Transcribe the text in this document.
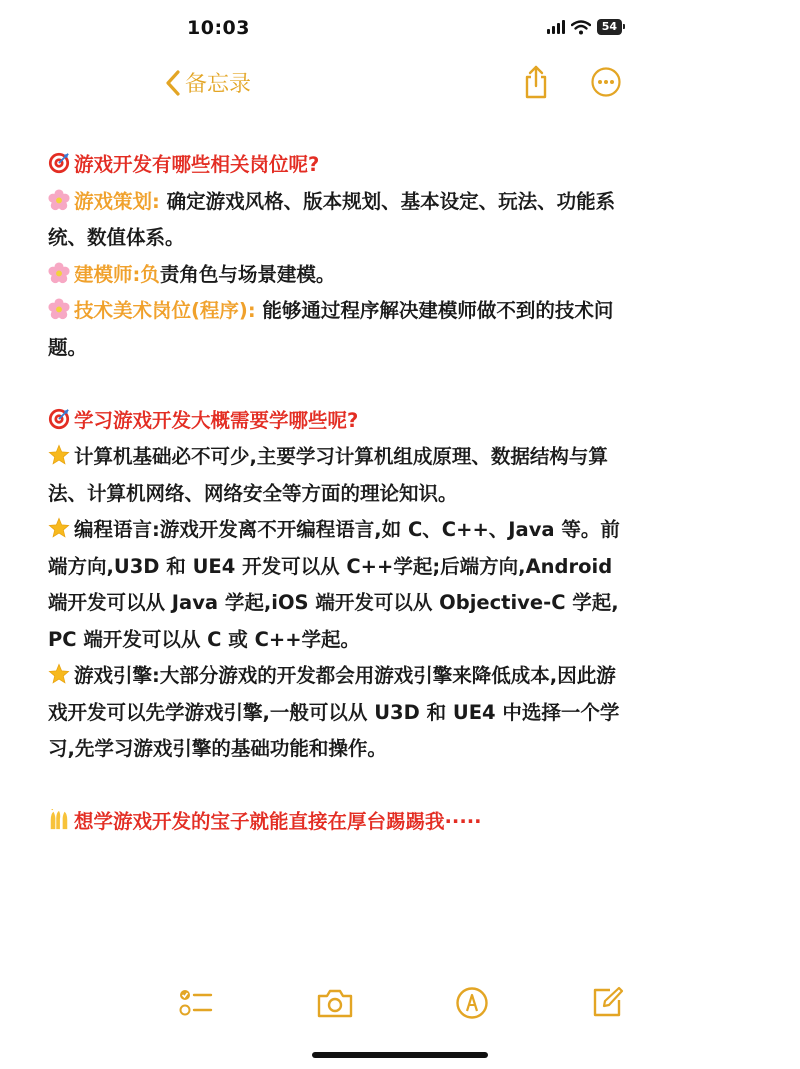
10:03	54
备忘录

游戏开发有哪些相关岗位呢?

游戏策划: 确定游戏风格、版本规划、基本设定、玩法、功能系

统、数值体系。

建模师:负责角色与场景建模。

技术美术岗位(程序): 能够通过程序解决建模师做不到的技术问

题。

学习游戏开发大概需要学哪些呢?

计算机基础必不可少,主要学习计算机组成原理、数据结构与算

法、计算机网络、网络安全等方面的理论知识。

编程语言:游戏开发离不开编程语言,如 C、C++、Java 等。前

端方向,U3D 和 UE4 开发可以从 C++学起;后端方向,Android

端开发可以从 Java 学起,iOS 端开发可以从 Objective-C 学起,

PC 端开发可以从 C 或 C++学起。

游戏引擎:大部分游戏的开发都会用游戏引擎来降低成本,因此游

戏开发可以先学游戏引擎,一般可以从 U3D 和 UE4 中选择一个学

习,先学习游戏引擎的基础功能和操作。

想学游戏开发的宝子就能直接在厚台踢踢我·····
